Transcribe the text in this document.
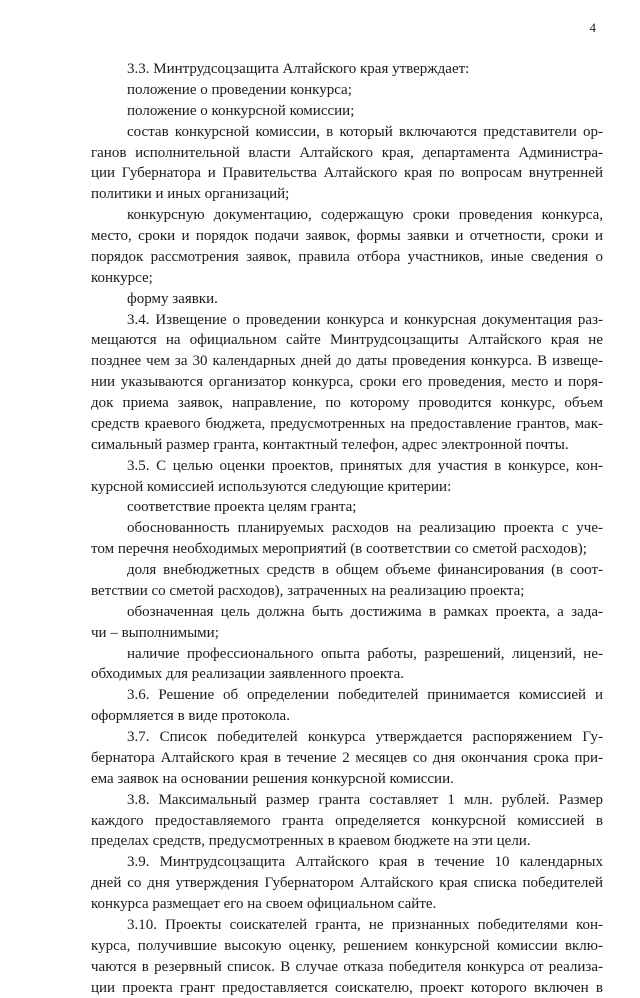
4
3.3. Минтрудсоцзащита Алтайского края утверждает:
положение о проведении конкурса;
положение о конкурсной комиссии;
состав конкурсной комиссии, в который включаются представители ор-
ганов исполнительной власти Алтайского края, департамента Администра-
ции Губернатора и Правительства Алтайского края по вопросам внутренней
политики и иных организаций;
конкурсную документацию, содержащую сроки проведения конкурса,
место, сроки и порядок подачи заявок, формы заявки и отчетности, сроки и
порядок рассмотрения заявок, правила отбора участников, иные сведения о
конкурсе;
форму заявки.
3.4. Извещение о проведении конкурса и конкурсная документация раз-
мещаются на официальном сайте Минтрудсоцзащиты Алтайского края не
позднее чем за 30 календарных дней до даты проведения конкурса. В извеще-
нии указываются организатор конкурса, сроки его проведения, место и поря-
док приема заявок, направление, по которому проводится конкурс, объем
средств краевого бюджета, предусмотренных на предоставление грантов, мак-
симальный размер гранта, контактный телефон, адрес электронной почты.
3.5. С целью оценки проектов, принятых для участия в конкурсе, кон-
курсной комиссией используются следующие критерии:
соответствие проекта целям гранта;
обоснованность планируемых расходов на реализацию проекта с уче-
том перечня необходимых мероприятий (в соответствии со сметой расходов);
доля внебюджетных средств в общем объеме финансирования (в соот-
ветствии со сметой расходов), затраченных на реализацию проекта;
обозначенная цель должна быть достижима в рамках проекта, а зада-
чи – выполнимыми;
наличие профессионального опыта работы, разрешений, лицензий, не-
обходимых для реализации заявленного проекта.
3.6. Решение об определении победителей принимается комиссией и
оформляется в виде протокола.
3.7. Список победителей конкурса утверждается распоряжением Гу-
бернатора Алтайского края в течение 2 месяцев со дня окончания срока при-
ема заявок на основании решения конкурсной комиссии.
3.8. Максимальный размер гранта составляет 1 млн. рублей. Размер
каждого предоставляемого гранта определяется конкурсной комиссией в
пределах средств, предусмотренных в краевом бюджете на эти цели.
3.9. Минтрудсоцзащита Алтайского края в течение 10 календарных
дней со дня утверждения Губернатором Алтайского края списка победителей
конкурса размещает его на своем официальном сайте.
3.10. Проекты соискателей гранта, не признанных победителями кон-
курса, получившие высокую оценку, решением конкурсной комиссии вклю-
чаются в резервный список. В случае отказа победителя конкурса от реализа-
ции проекта грант предоставляется соискателю, проект которого включен в
